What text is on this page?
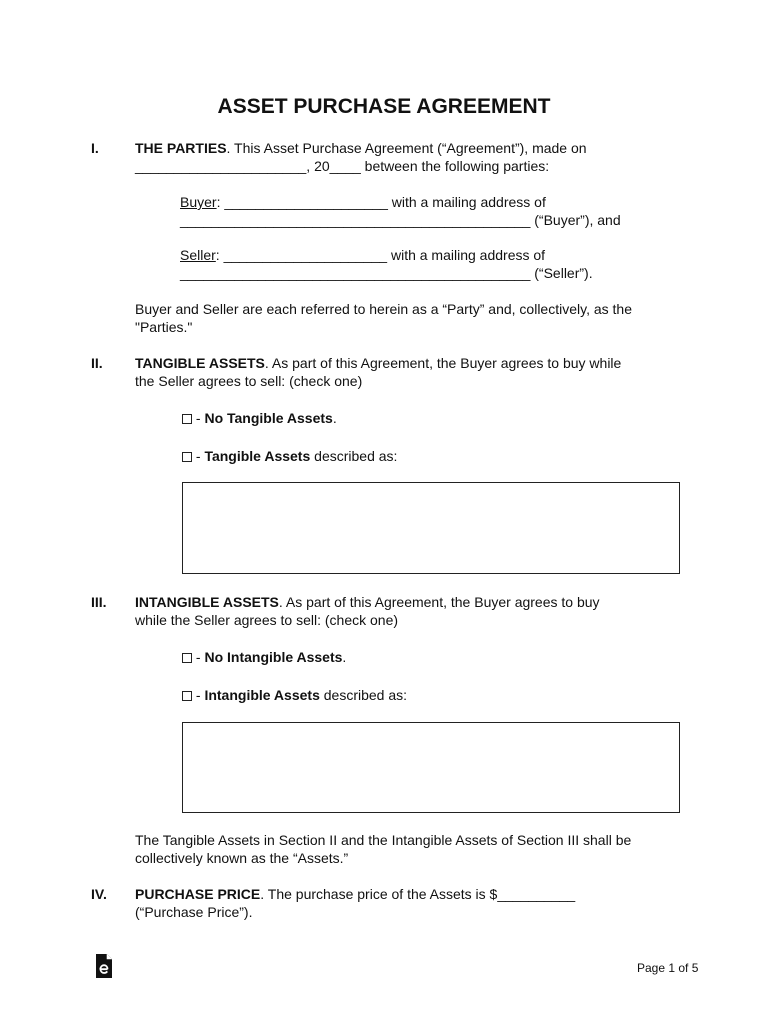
ASSET PURCHASE AGREEMENT
I.	THE PARTIES. This Asset Purchase Agreement (“Agreement”), made on
______________________, 20____ between the following parties:
Buyer: _____________________ with a mailing address of
_____________________________________________ (“Buyer”), and
Seller: _____________________ with a mailing address of
_____________________________________________ (“Seller”).
Buyer and Seller are each referred to herein as a “Party” and, collectively, as the
"Parties."
II. TANGIBLE ASSETS. As part of this Agreement, the Buyer agrees to buy while
the Seller agrees to sell: (check one)
- No Tangible Assets.
- Tangible Assets described as:
III. INTANGIBLE ASSETS. As part of this Agreement, the Buyer agrees to buy
while the Seller agrees to sell: (check one)
- No Intangible Assets.
- Intangible Assets described as:
The Tangible Assets in Section II and the Intangible Assets of Section III shall be
collectively known as the “Assets.”
IV. PURCHASE PRICE. The purchase price of the Assets is $__________
(“Purchase Price”).
Page 1 of 5
